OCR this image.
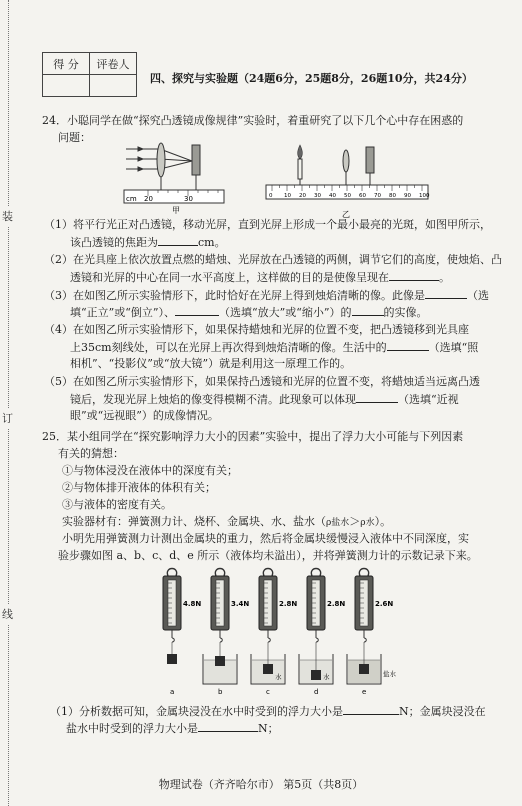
装
订
线
得 分	评卷人

四、探究与实验题（24题6分，25题8分，26题10分，共24分）
24．小聪同学在做“探究凸透镜成像规律”实验时，着重研究了以下几个心中存在困惑的
问题：
cm 20	30
甲
0 10 20 30 40 50 60 70 80 90 100
乙
（1）将平行光正对凸透镜，移动光屏，直到光屏上形成一个最小最亮的光斑，如图甲所示，
该凸透镜的焦距为	cm。
（2）在光具座上依次放置点燃的蜡烛、光屏放在凸透镜的两侧，调节它们的高度，使烛焰、凸
透镜和光屏的中心在同一水平高度上，这样做的目的是使像呈现在	。
（3）在如图乙所示实验情形下，此时恰好在光屏上得到烛焰清晰的像。此像是	（选
填“正立”或“倒立”）、	（选填“放大”或“缩小”）的	的实像。
（4）在如图乙所示实验情形下，如果保持蜡烛和光屏的位置不变，把凸透镜移到光具座
上35cm刻线处，可以在光屏上再次得到烛焰清晰的像。生活中的	（选填“照
相机”、“投影仪”或“放大镜”）就是利用这一原理工作的。
（5）在如图乙所示实验情形下，如果保持凸透镜和光屏的位置不变，将蜡烛适当远离凸透
镜后，发现光屏上烛焰的像变得模糊不清。此现象可以体现	（选填“近视
眼”或“远视眼”）的成像情况。
25．某小组同学在“探究影响浮力大小的因素”实验中，提出了浮力大小可能与下列因素
有关的猜想：
①与物体浸没在液体中的深度有关；
②与物体排开液体的体积有关；
③与液体的密度有关。
实验器材有：弹簧测力计、烧杯、金属块、水、盐水（ρ盐水＞ρ水）。
小明先用弹簧测力计测出金属块的重力，然后将金属块缓慢浸入液体中不同深度，实
验步骤如图 a、b、c、d、e 所示（液体均未溢出），并将弹簧测力计的示数记录下来。
4.8N
a
3.4N
b
2.8N
c
水
2.8N
d
水
2.6N
e
盐水
（1）分析数据可知，金属块浸没在水中时受到的浮力大小是	N；金属块浸没在
盐水中时受到的浮力大小是	N；
物理试卷（齐齐哈尔市） 第5页（共8页）
